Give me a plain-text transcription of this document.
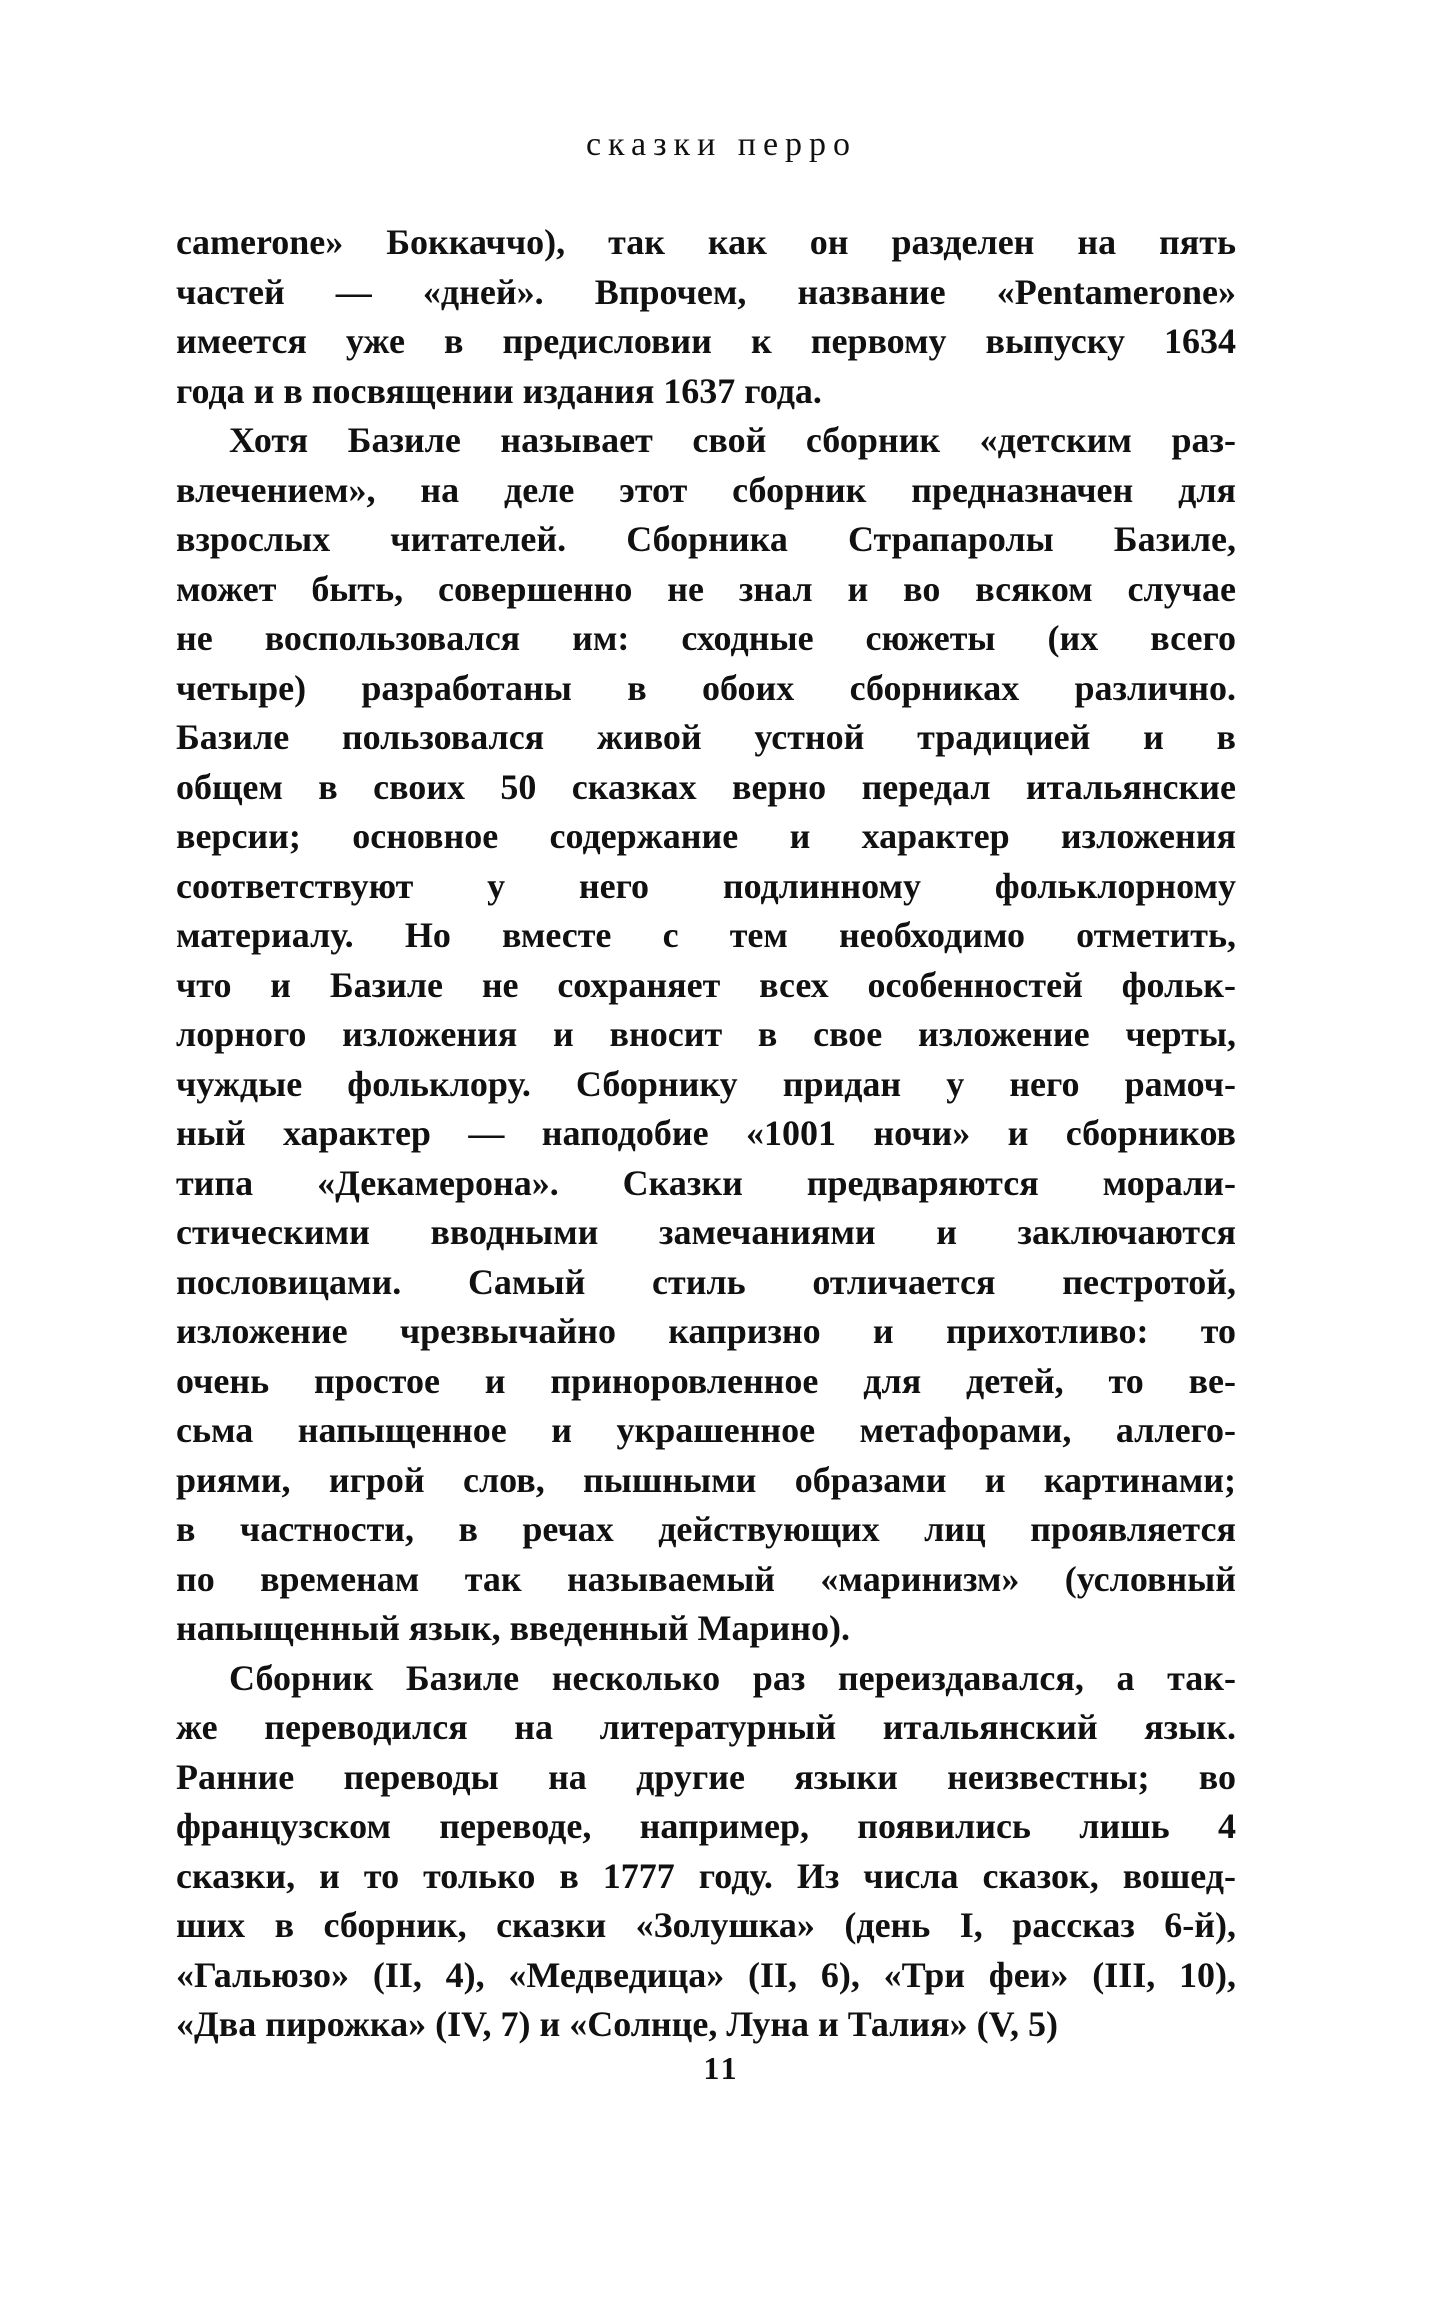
сказки перро
camerone» Боккаччо), так как он разделен на пять
частей — «дней». Впрочем, название «Pentamerone»
имеется уже в предисловии к первому выпуску 1634
года и в посвящении издания 1637 года.
Хотя Базиле называет свой сборник «детским раз-
влечением», на деле этот сборник предназначен для
взрослых читателей. Сборника Страпаролы Базиле,
может быть, совершенно не знал и во всяком случае
не воспользовался им: сходные сюжеты (их всего
четыре) разработаны в обоих сборниках различно.
Базиле пользовался живой устной традицией и в
общем в своих 50 сказках верно передал итальянские
версии; основное содержание и характер изложения
соответствуют у него подлинному фольклорному
материалу. Но вместе с тем необходимо отметить,
что и Базиле не сохраняет всех особенностей фольк-
лорного изложения и вносит в свое изложение черты,
чуждые фольклору. Сборнику придан у него рамоч-
ный характер — наподобие «1001 ночи» и сборников
типа «Декамерона». Сказки предваряются морали-
стическими вводными замечаниями и заключаются
пословицами. Самый стиль отличается пестротой,
изложение чрезвычайно капризно и прихотливо: то
очень простое и приноровленное для детей, то ве-
сьма напыщенное и украшенное метафорами, аллего-
риями, игрой слов, пышными образами и картинами;
в частности, в речах действующих лиц проявляется
по временам так называемый «маринизм» (условный
напыщенный язык, введенный Марино).
Сборник Базиле несколько раз переиздавался, а так-
же переводился на литературный итальянский язык.
Ранние переводы на другие языки неизвестны; во
французском переводе, например, появились лишь 4
сказки, и то только в 1777 году. Из числа сказок, вошед-
ших в сборник, сказки «Золушка» (день I, рассказ 6-й),
«Гальюзо» (II, 4), «Медведица» (II, 6), «Три феи» (III, 10),
«Два пирожка» (IV, 7) и «Солнце, Луна и Талия» (V, 5)
11
